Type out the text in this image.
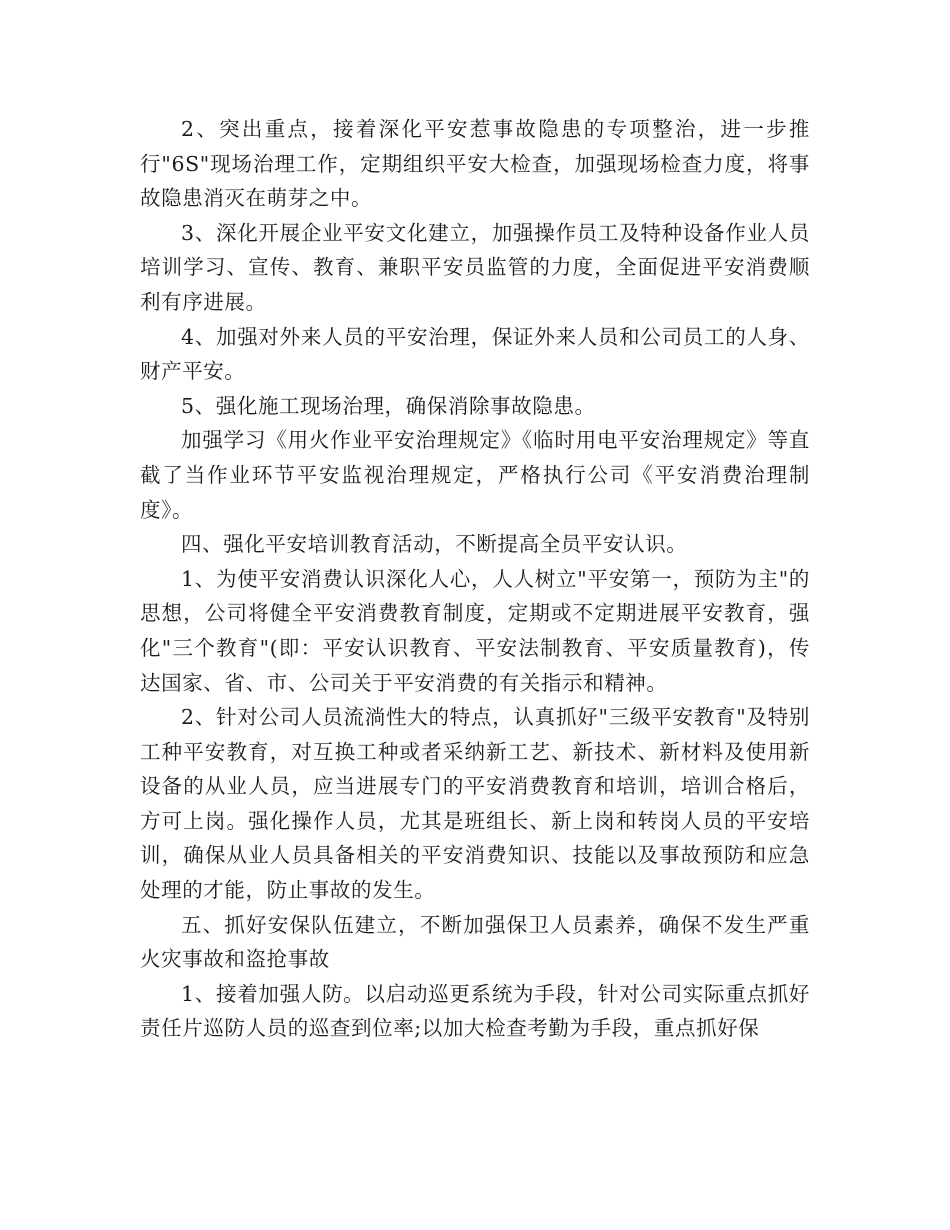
2、突出重点，接着深化平安惹事故隐患的专项整治，进一步推行"6S"现场治理工作，定期组织平安大检查，加强现场检查力度，将事故隐患消灭在萌芽之中。

3、深化开展企业平安文化建立，加强操作员工及特种设备作业人员培训学习、宣传、教育、兼职平安员监管的力度，全面促进平安消费顺利有序进展。

4、加强对外来人员的平安治理，保证外来人员和公司员工的人身、财产平安。

5、强化施工现场治理，确保消除事故隐患。

加强学习《用火作业平安治理规定》《临时用电平安治理规定》等直截了当作业环节平安监视治理规定，严格执行公司《平安消费治理制度》。

四、强化平安培训教育活动，不断提高全员平安认识。

1、为使平安消费认识深化人心，人人树立"平安第一，预防为主"的思想，公司将健全平安消费教育制度，定期或不定期进展平安教育，强化"三个教育"(即：平安认识教育、平安法制教育、平安质量教育)，传达国家、省、市、公司关于平安消费的有关指示和精神。

2、针对公司人员流淌性大的特点，认真抓好"三级平安教育"及特别工种平安教育，对互换工种或者采纳新工艺、新技术、新材料及使用新设备的从业人员，应当进展专门的平安消费教育和培训，培训合格后，方可上岗。强化操作人员，尤其是班组长、新上岗和转岗人员的平安培训，确保从业人员具备相关的平安消费知识、技能以及事故预防和应急处理的才能，防止事故的发生。

五、抓好安保队伍建立，不断加强保卫人员素养，确保不发生严重火灾事故和盗抢事故

1、接着加强人防。以启动巡更系统为手段，针对公司实际重点抓好责任片巡防人员的巡查到位率;以加大检查考勤为手段，重点抓好保
